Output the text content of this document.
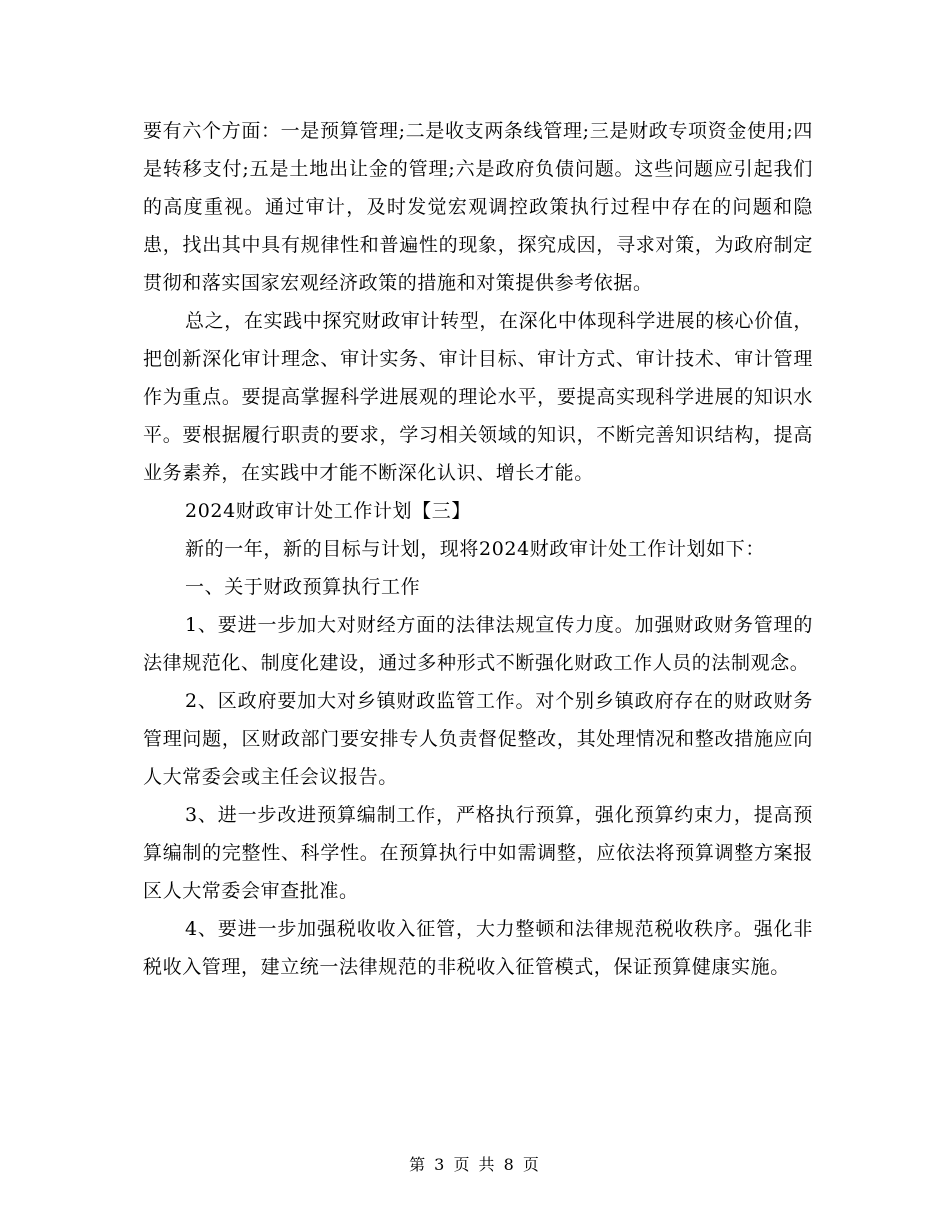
要有六个方面：一是预算管理;二是收支两条线管理;三是财政专项资金使用;四是转移支付;五是土地出让金的管理;六是政府负债问题。这些问题应引起我们的高度重视。通过审计，及时发觉宏观调控政策执行过程中存在的问题和隐患，找出其中具有规律性和普遍性的现象，探究成因，寻求对策，为政府制定贯彻和落实国家宏观经济政策的措施和对策提供参考依据。

总之，在实践中探究财政审计转型，在深化中体现科学进展的核心价值，把创新深化审计理念、审计实务、审计目标、审计方式、审计技术、审计管理作为重点。要提高掌握科学进展观的理论水平，要提高实现科学进展的知识水平。要根据履行职责的要求，学习相关领域的知识，不断完善知识结构，提高业务素养，在实践中才能不断深化认识、增长才能。

2024财政审计处工作计划【三】

新的一年，新的目标与计划，现将2024财政审计处工作计划如下：

一、关于财政预算执行工作

1、要进一步加大对财经方面的法律法规宣传力度。加强财政财务管理的法律规范化、制度化建设，通过多种形式不断强化财政工作人员的法制观念。

2、区政府要加大对乡镇财政监管工作。对个别乡镇政府存在的财政财务管理问题，区财政部门要安排专人负责督促整改，其处理情况和整改措施应向人大常委会或主任会议报告。

3、进一步改进预算编制工作，严格执行预算，强化预算约束力，提高预算编制的完整性、科学性。在预算执行中如需调整，应依法将预算调整方案报区人大常委会审查批准。

4、要进一步加强税收收入征管，大力整顿和法律规范税收秩序。强化非税收入管理，建立统一法律规范的非税收入征管模式，保证预算健康实施。

第 3 页 共 8 页
